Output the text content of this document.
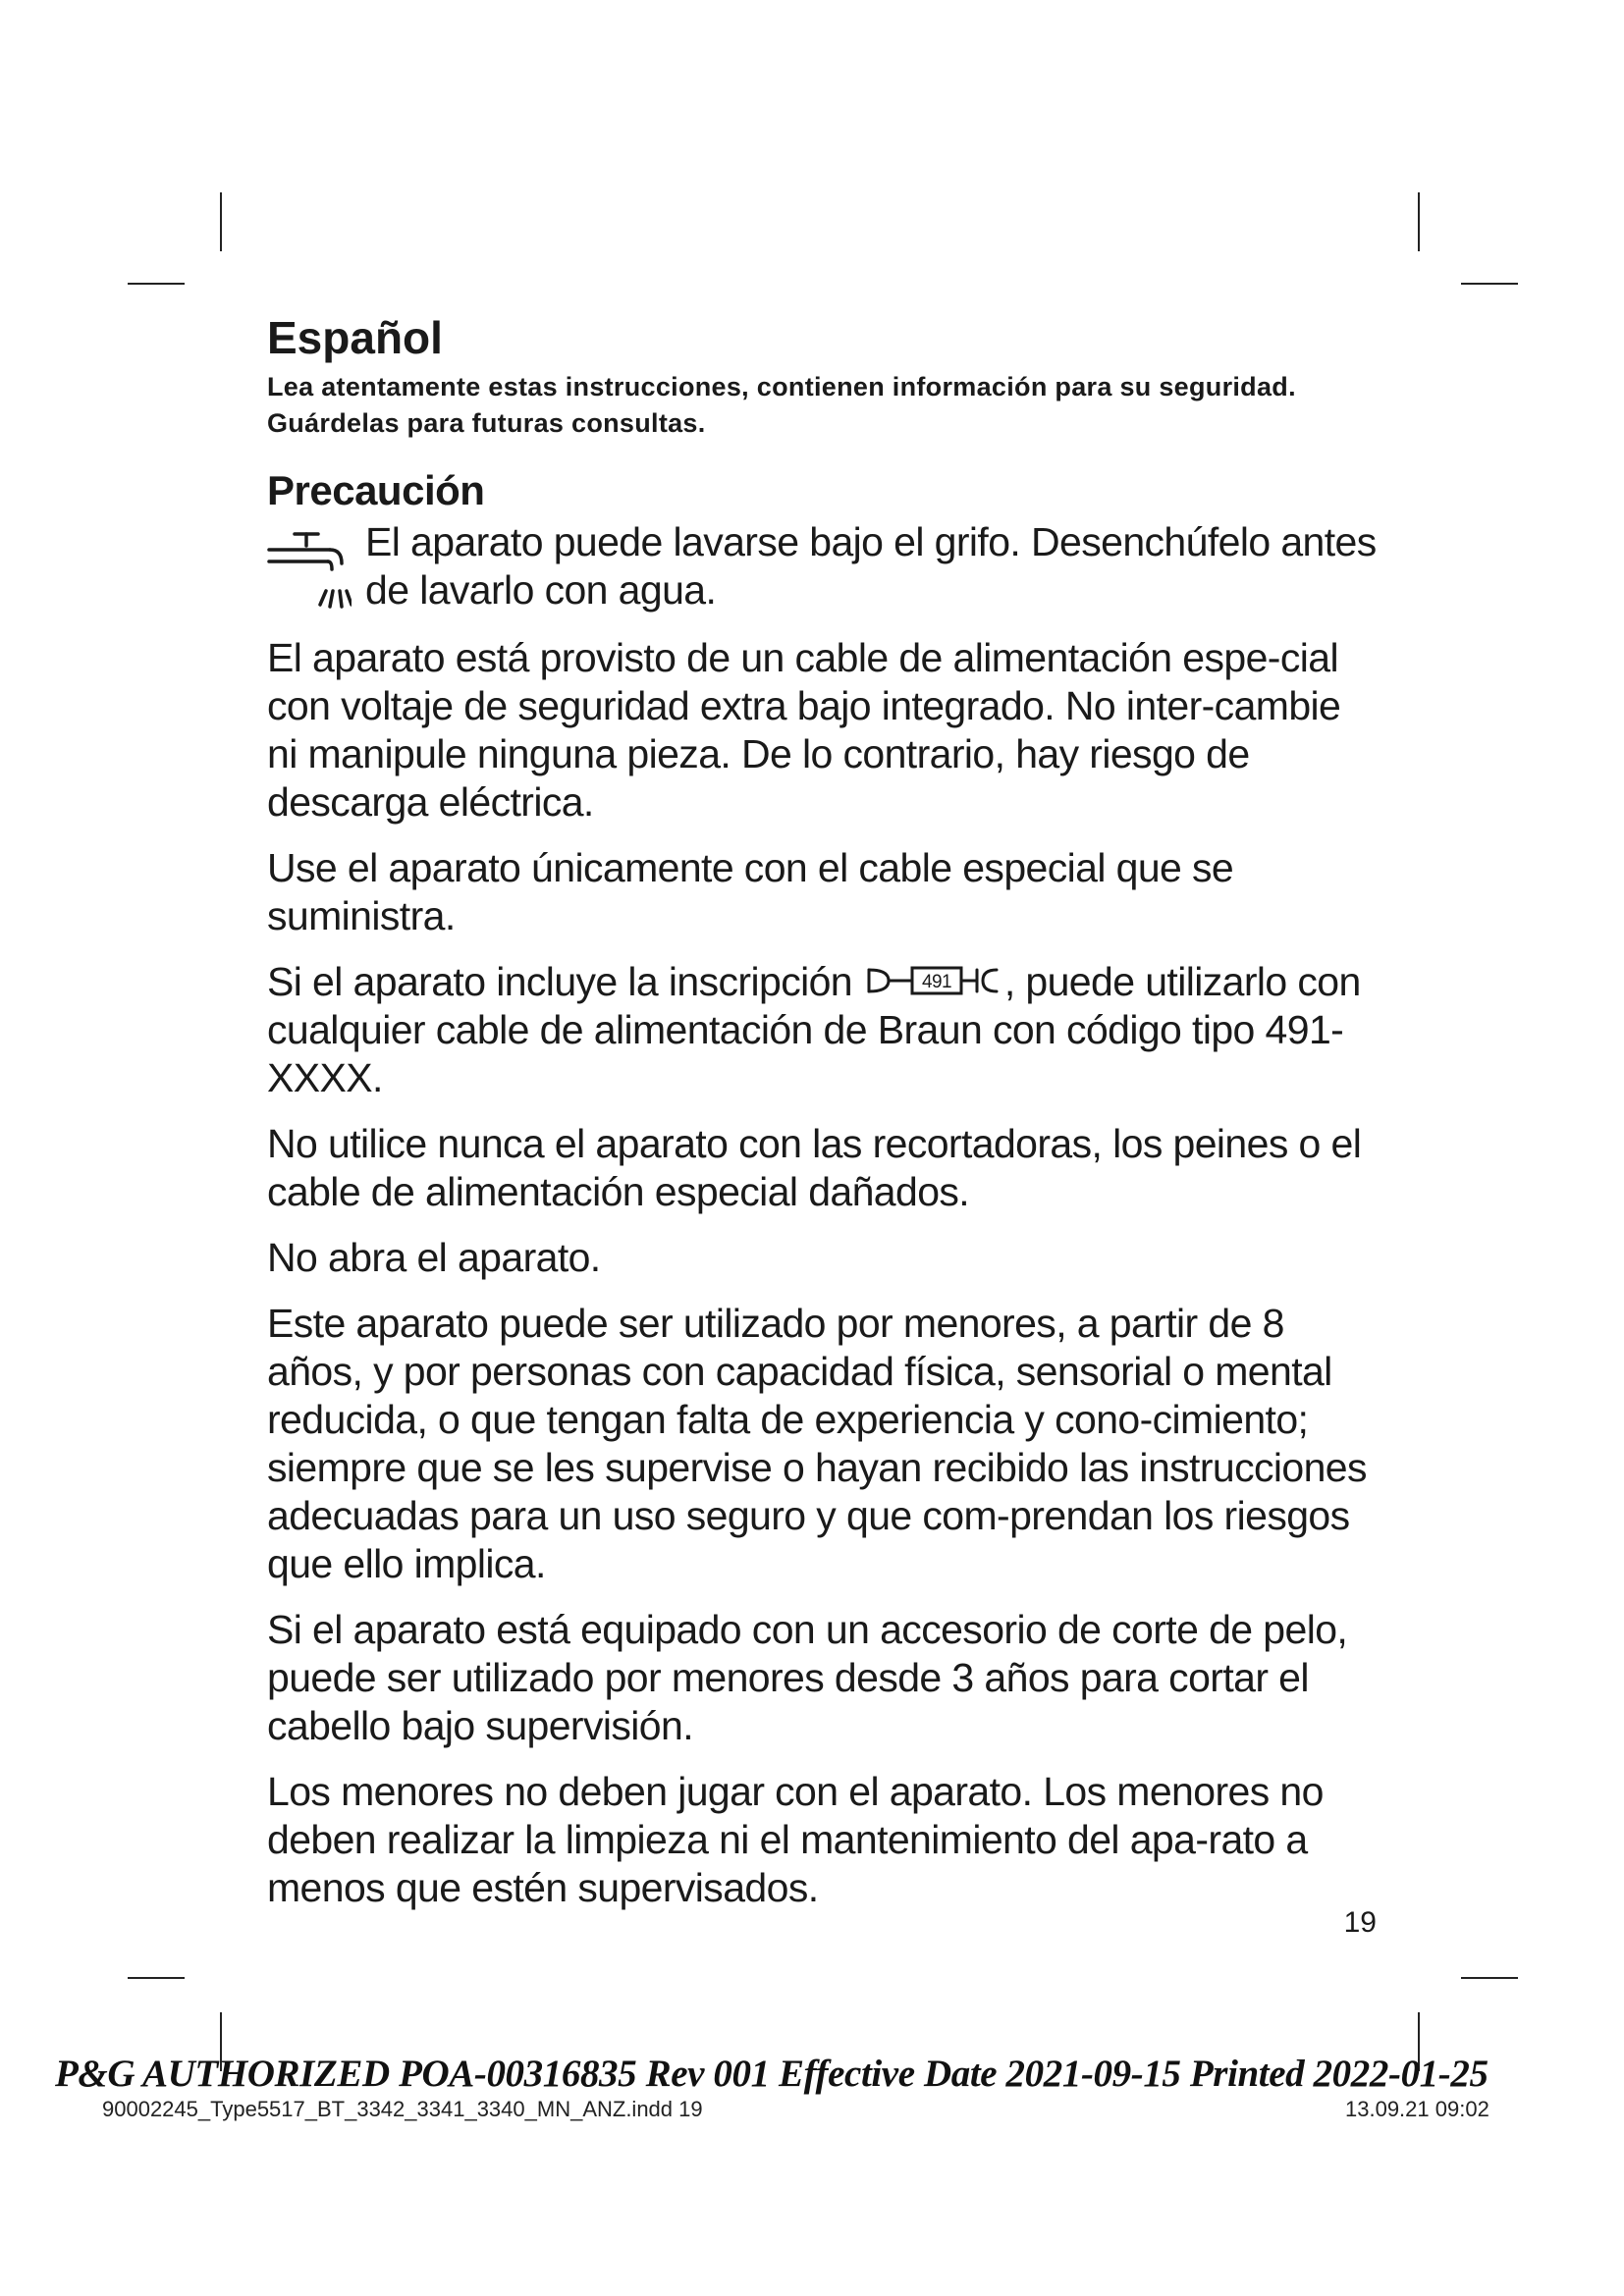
Español

Lea atentamente estas instrucciones, contienen información para su seguridad. Guárdelas para futuras consultas.

Precaución

El aparato puede lavarse bajo el grifo. Desenchúfelo antes de lavarlo con agua.

El aparato está provisto de un cable de alimentación espe-cial con voltaje de seguridad extra bajo integrado. No inter-cambie ni manipule ninguna pieza. De lo contrario, hay riesgo de descarga eléctrica.

Use el aparato únicamente con el cable especial que se suministra.

Si el aparato incluye la inscripción	491 , puede utilizarlo con cualquier cable de alimentación de Braun con código tipo 491-XXXX.

No utilice nunca el aparato con las recortadoras, los peines o el cable de alimentación especial dañados.

No abra el aparato.

Este aparato puede ser utilizado por menores, a partir de 8 años, y por personas con capacidad física, sensorial o mental reducida, o que tengan falta de experiencia y cono-cimiento; siempre que se les supervise o hayan recibido las instrucciones adecuadas para un uso seguro y que com-prendan los riesgos que ello implica.

Si el aparato está equipado con un accesorio de corte de pelo, puede ser utilizado por menores desde 3 años para cortar el cabello bajo supervisión.

Los menores no deben jugar con el aparato. Los menores no deben realizar la limpieza ni el mantenimiento del apa-rato a menos que estén supervisados.

19
P&G AUTHORIZED POA-00316835 Rev 001 Effective Date 2021-09-15 Printed 2022-01-25
90002245_Type5517_BT_3342_3341_3340_MN_ANZ.indd 19	13.09.21 09:02
